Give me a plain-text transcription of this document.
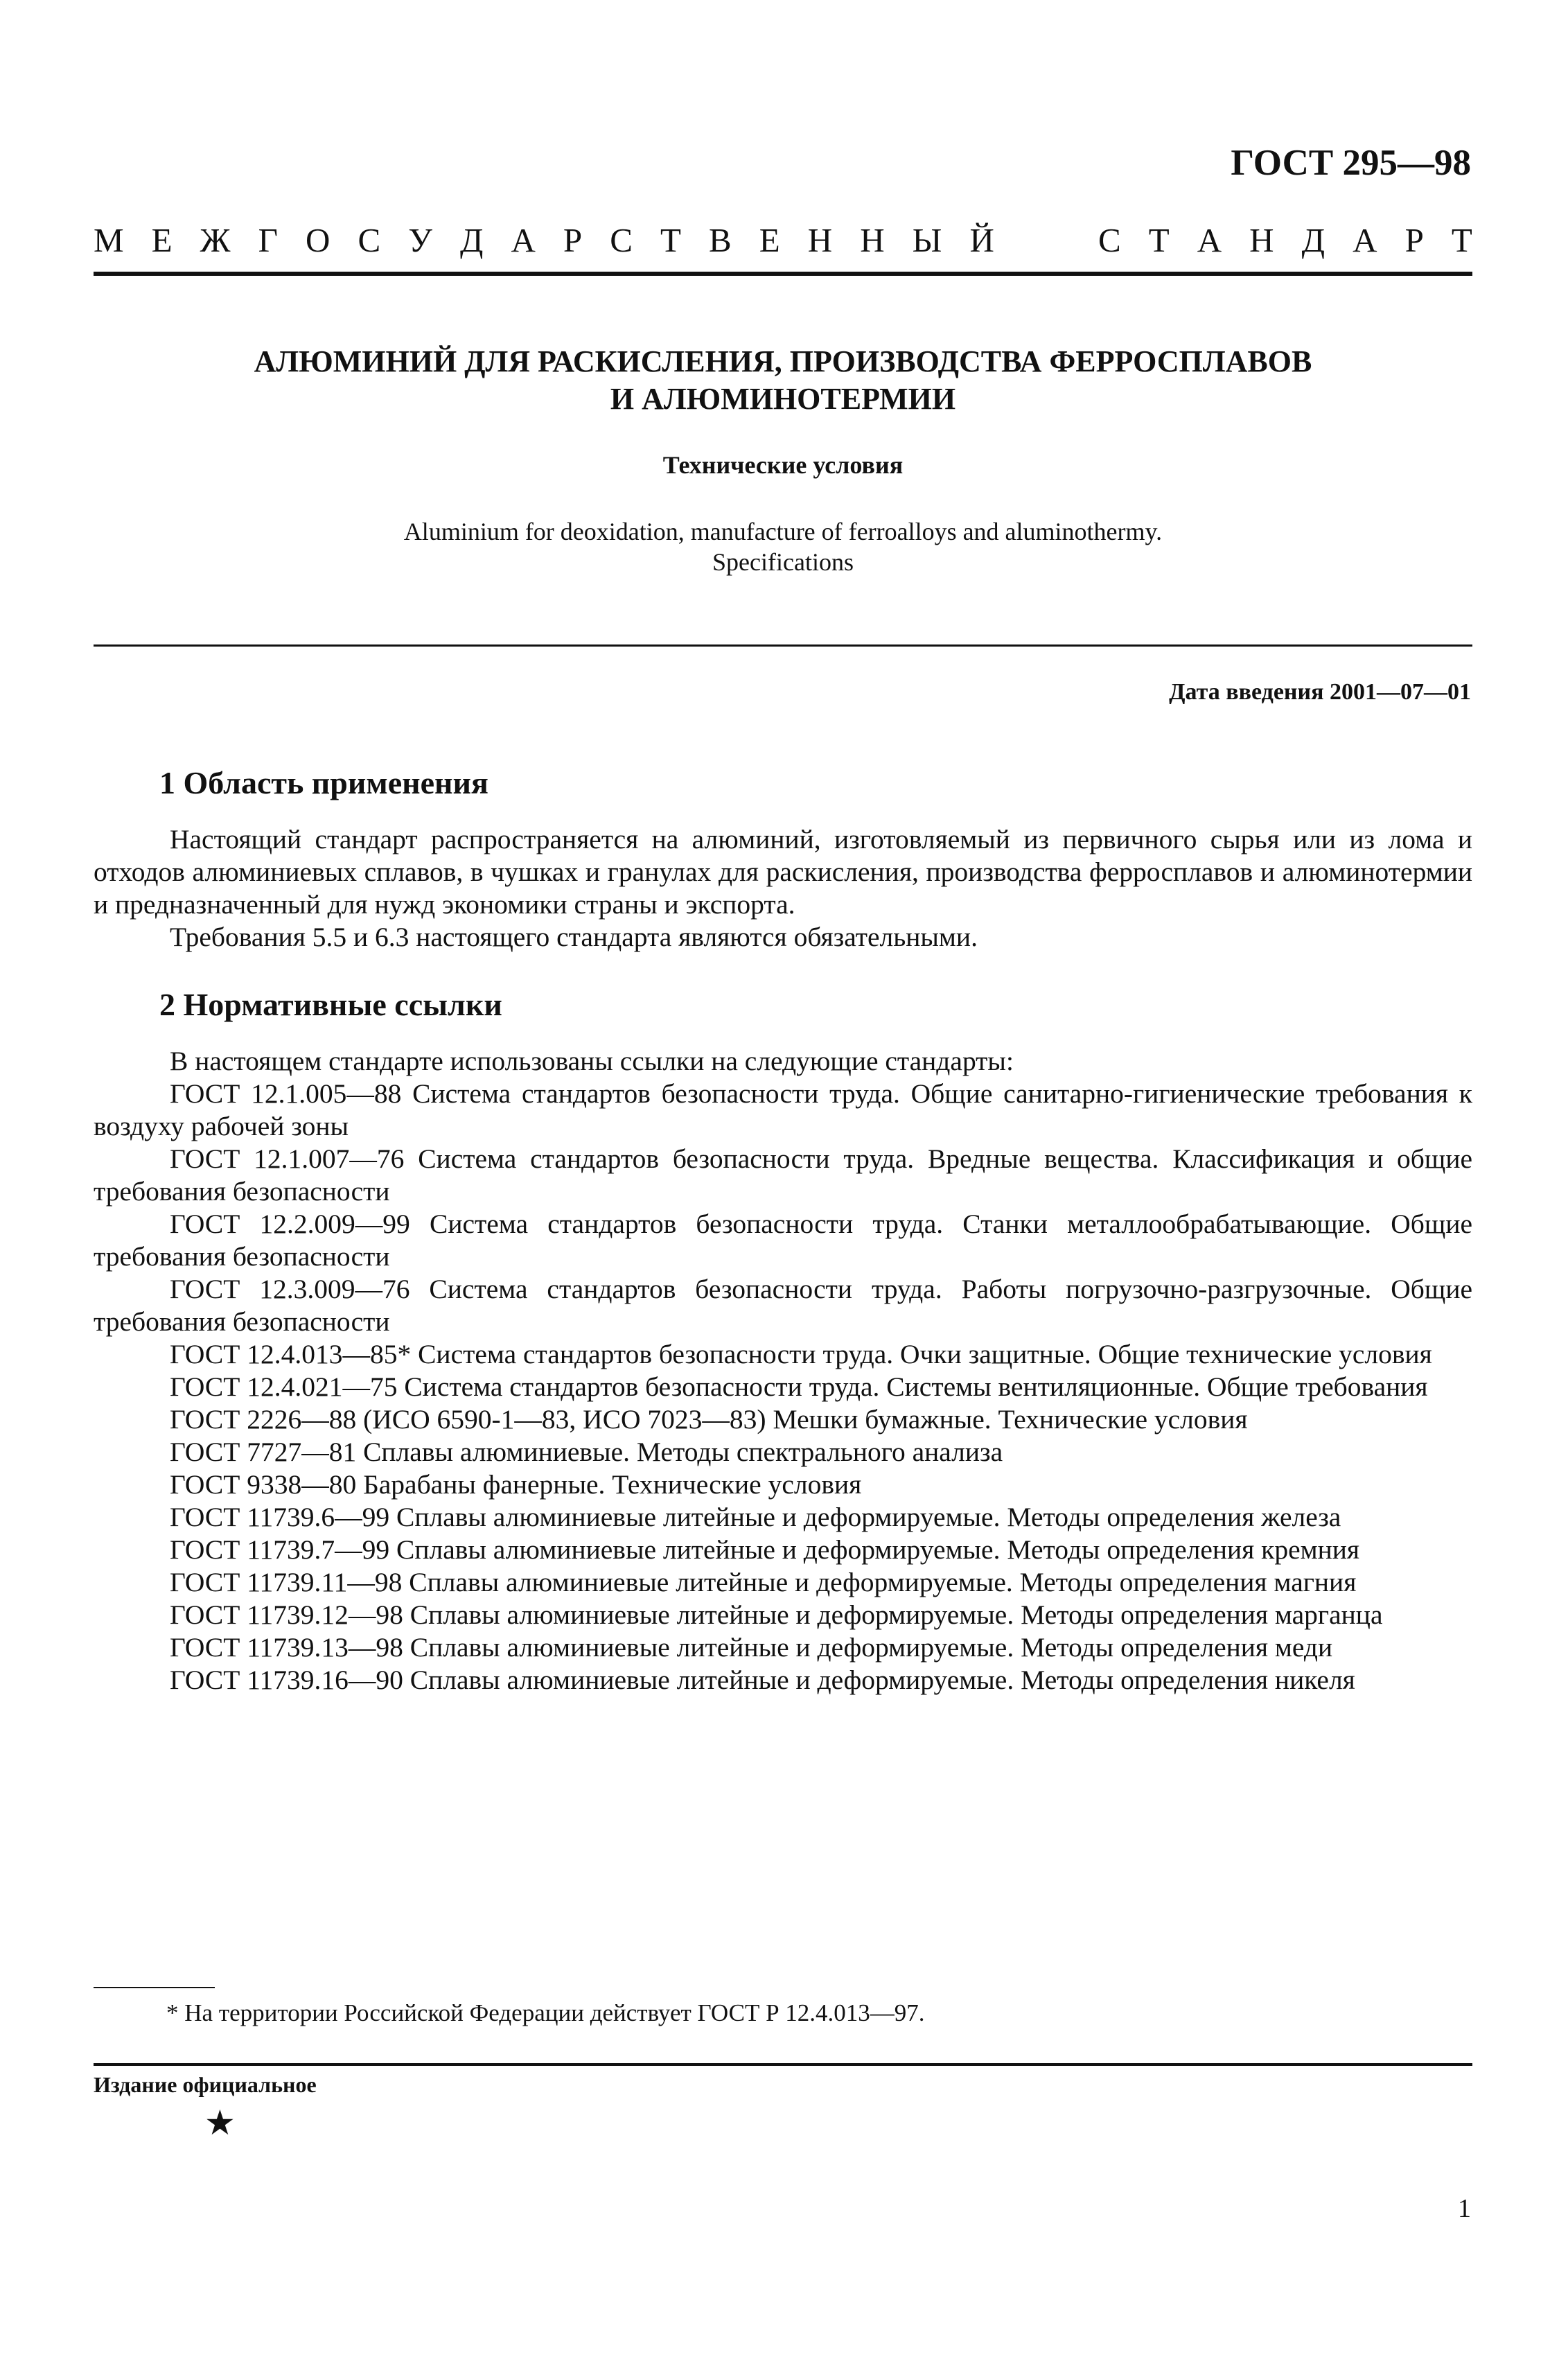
ГОСТ 295—98
М Е Ж Г О С У Д А Р С Т В Е Н Н Ы Й	С Т А Н Д А Р Т
АЛЮМИНИЙ ДЛЯ РАСКИСЛЕНИЯ, ПРОИЗВОДСТВА ФЕРРОСПЛАВОВ
И АЛЮМИНОТЕРМИИ
Технические условия
Aluminium for deoxidation, manufacture of ferroalloys and aluminothermy.
Specifications
Дата введения 2001—07—01
1 Область применения

Настоящий стандарт распространяется на алюминий, изготовляемый из первичного сырья или из лома и отходов алюминиевых сплавов, в чушках и гранулах для раскисления, производства ферросплавов и алюминотермии и предназначенный для нужд экономики страны и экспорта.

Требования 5.5 и 6.3 настоящего стандарта являются обязательными.

2 Нормативные ссылки

В настоящем стандарте использованы ссылки на следующие стандарты:

ГОСТ 12.1.005—88 Система стандартов безопасности труда. Общие санитарно-гигиенические требования к воздуху рабочей зоны

ГОСТ 12.1.007—76 Система стандартов безопасности труда. Вредные вещества. Классификация и общие требования безопасности

ГОСТ 12.2.009—99 Система стандартов безопасности труда. Станки металлообрабатывающие. Общие требования безопасности

ГОСТ 12.3.009—76 Система стандартов безопасности труда. Работы погрузочно-разгрузочные. Общие требования безопасности

ГОСТ 12.4.013—85* Система стандартов безопасности труда. Очки защитные. Общие технические условия

ГОСТ 12.4.021—75 Система стандартов безопасности труда. Системы вентиляционные. Общие требования

ГОСТ 2226—88 (ИСО 6590-1—83, ИСО 7023—83) Мешки бумажные. Технические условия

ГОСТ 7727—81 Сплавы алюминиевые. Методы спектрального анализа

ГОСТ 9338—80 Барабаны фанерные. Технические условия

ГОСТ 11739.6—99 Сплавы алюминиевые литейные и деформируемые. Методы определения железа

ГОСТ 11739.7—99 Сплавы алюминиевые литейные и деформируемые. Методы определения кремния

ГОСТ 11739.11—98 Сплавы алюминиевые литейные и деформируемые. Методы определения магния

ГОСТ 11739.12—98 Сплавы алюминиевые литейные и деформируемые. Методы определения марганца

ГОСТ 11739.13—98 Сплавы алюминиевые литейные и деформируемые. Методы определения меди

ГОСТ 11739.16—90 Сплавы алюминиевые литейные и деформируемые. Методы определения никеля

* На территории Российской Федерации действует ГОСТ Р 12.4.013—97.
Издание официальное
★
1
